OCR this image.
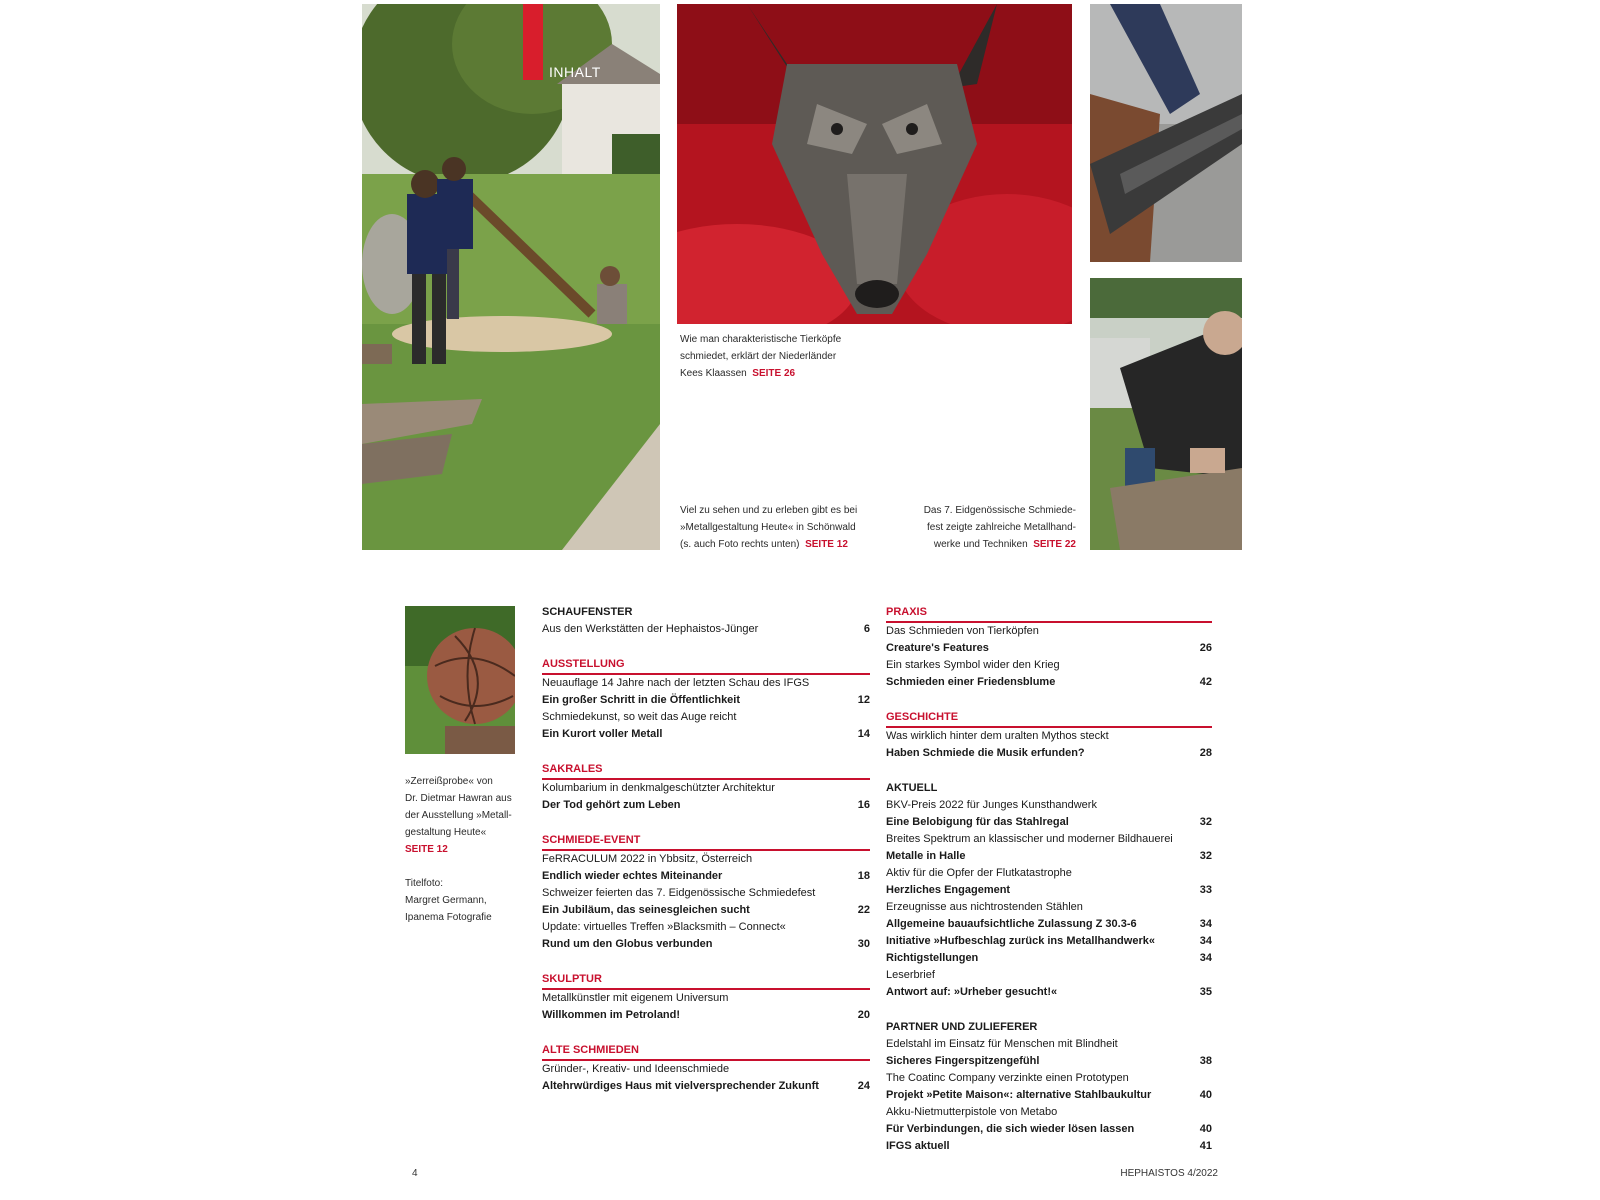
INHALT
Wie man charakteristische Tierköpfe
schmiedet, erklärt der Niederländer
Kees Klaassen SEITE 26
Viel zu sehen und zu erleben gibt es bei
»Metallgestaltung Heute« in Schönwald
(s. auch Foto rechts unten) SEITE 12
Das 7. Eidgenössische Schmiede-
fest zeigte zahlreiche Metallhand-
werke und Techniken SEITE 22
»Zerreißprobe« von
Dr. Dietmar Hawran aus
der Ausstellung »Metall-
gestaltung Heute«
SEITE 12
Titelfoto:
Margret Germann,
Ipanema Fotografie
SCHAUFENSTER
Aus den Werkstätten der Hephaistos-Jünger	6
AUSSTELLUNG
Neuauflage 14 Jahre nach der letzten Schau des IFGS
Ein großer Schritt in die Öffentlichkeit	12
Schmiedekunst, so weit das Auge reicht
Ein Kurort voller Metall	14
SAKRALES
Kolumbarium in denkmalgeschützter Architektur
Der Tod gehört zum Leben	16
SCHMIEDE-EVENT
FeRRACULUM 2022 in Ybbsitz, Österreich
Endlich wieder echtes Miteinander	18
Schweizer feierten das 7. Eidgenössische Schmiedefest
Ein Jubiläum, das seinesgleichen sucht	22
Update: virtuelles Treffen »Blacksmith – Connect«
Rund um den Globus verbunden	30
SKULPTUR
Metallkünstler mit eigenem Universum
Willkommen im Petroland!	20
ALTE SCHMIEDEN
Gründer-, Kreativ- und Ideenschmiede
Altehrwürdiges Haus mit vielversprechender Zukunft	24
PRAXIS
Das Schmieden von Tierköpfen
Creature's Features	26
Ein starkes Symbol wider den Krieg
Schmieden einer Friedensblume	42
GESCHICHTE
Was wirklich hinter dem uralten Mythos steckt
Haben Schmiede die Musik erfunden?	28
AKTUELL
BKV-Preis 2022 für Junges Kunsthandwerk
Eine Belobigung für das Stahlregal	32
Breites Spektrum an klassischer und moderner Bildhauerei
Metalle in Halle	32
Aktiv für die Opfer der Flutkatastrophe
Herzliches Engagement	33
Erzeugnisse aus nichtrostenden Stählen
Allgemeine bauaufsichtliche Zulassung Z 30.3-6	34
Initiative »Hufbeschlag zurück ins Metallhandwerk«	34
Richtigstellungen	34
Leserbrief
Antwort auf: »Urheber gesucht!«	35
PARTNER UND ZULIEFERER
Edelstahl im Einsatz für Menschen mit Blindheit
Sicheres Fingerspitzengefühl	38
The Coatinc Company verzinkte einen Prototypen
Projekt »Petite Maison«: alternative Stahlbaukultur	40
Akku-Nietmutterpistole von Metabo
Für Verbindungen, die sich wieder lösen lassen	40
IFGS aktuell	41
4	HEPHAISTOS 4/2022
